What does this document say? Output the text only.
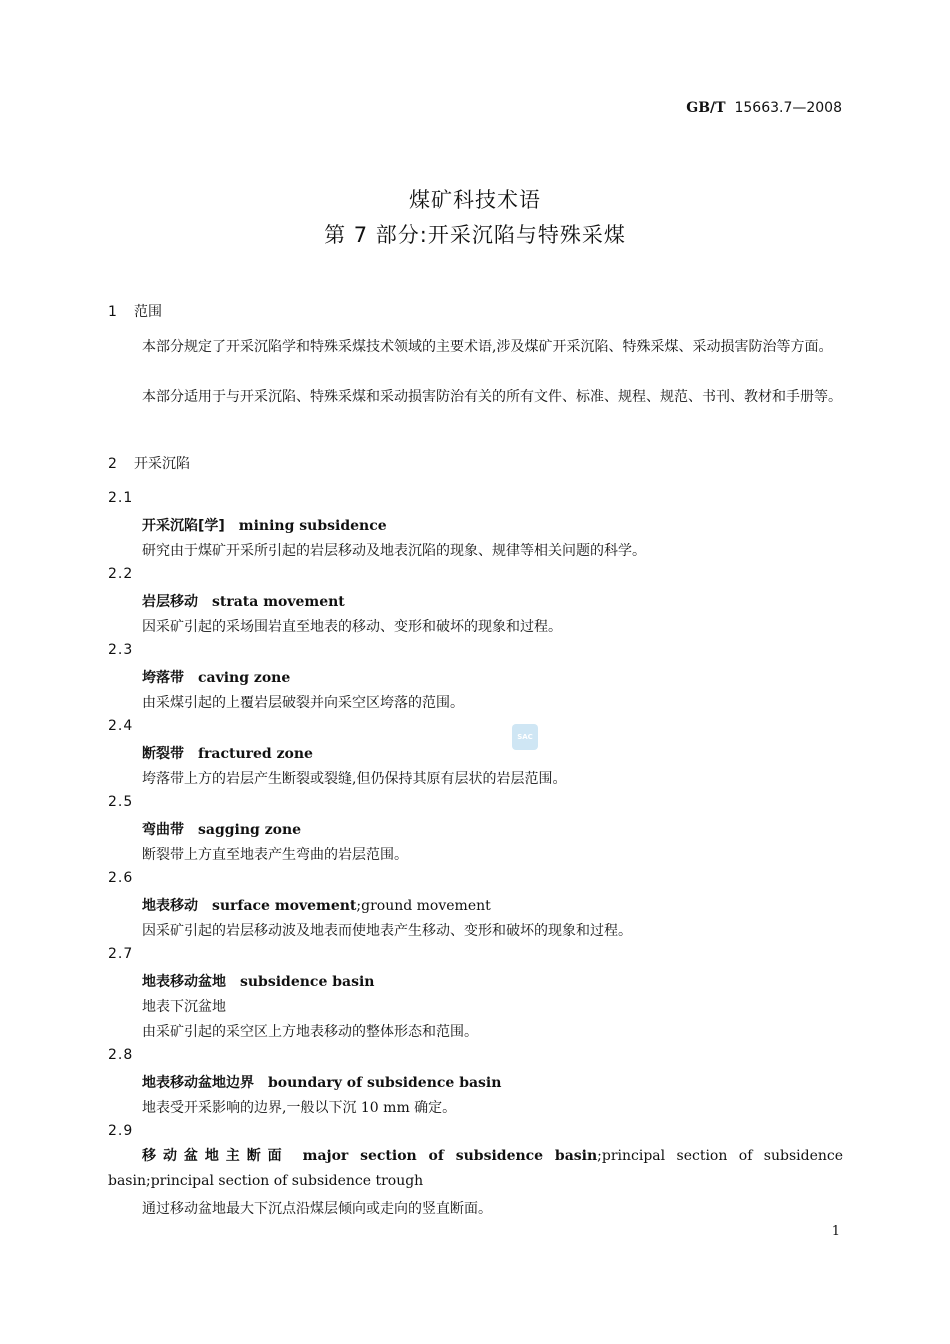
GB/T 15663.7—2008
煤矿科技术语
第 7 部分:开采沉陷与特殊采煤
1 范围
本部分规定了开采沉陷学和特殊采煤技术领域的主要术语,涉及煤矿开采沉陷、特殊采煤、采动损害防治等方面。
本部分适用于与开采沉陷、特殊采煤和采动损害防治有关的所有文件、标准、规程、规范、书刊、教材和手册等。
2 开采沉陷
2.1
开采沉陷[学] mining subsidence
研究由于煤矿开采所引起的岩层移动及地表沉陷的现象、规律等相关问题的科学。
2.2
岩层移动 strata movement
因采矿引起的采场围岩直至地表的移动、变形和破坏的现象和过程。
2.3
垮落带 caving zone
由采煤引起的上覆岩层破裂并向采空区垮落的范围。
2.4
断裂带 fractured zone
垮落带上方的岩层产生断裂或裂缝,但仍保持其原有层状的岩层范围。
2.5
弯曲带 sagging zone
断裂带上方直至地表产生弯曲的岩层范围。
2.6
地表移动 surface movement;ground movement
因采矿引起的岩层移动波及地表而使地表产生移动、变形和破坏的现象和过程。
2.7
地表移动盆地 subsidence basin
地表下沉盆地
由采矿引起的采空区上方地表移动的整体形态和范围。
2.8
地表移动盆地边界 boundary of subsidence basin
地表受开采影响的边界,一般以下沉 10 mm 确定。
2.9
移动盆地主断面 major section of subsidence basin;principal section of subsidence basin;principal section of subsidence trough
通过移动盆地最大下沉点沿煤层倾向或走向的竖直断面。
SAC
1
